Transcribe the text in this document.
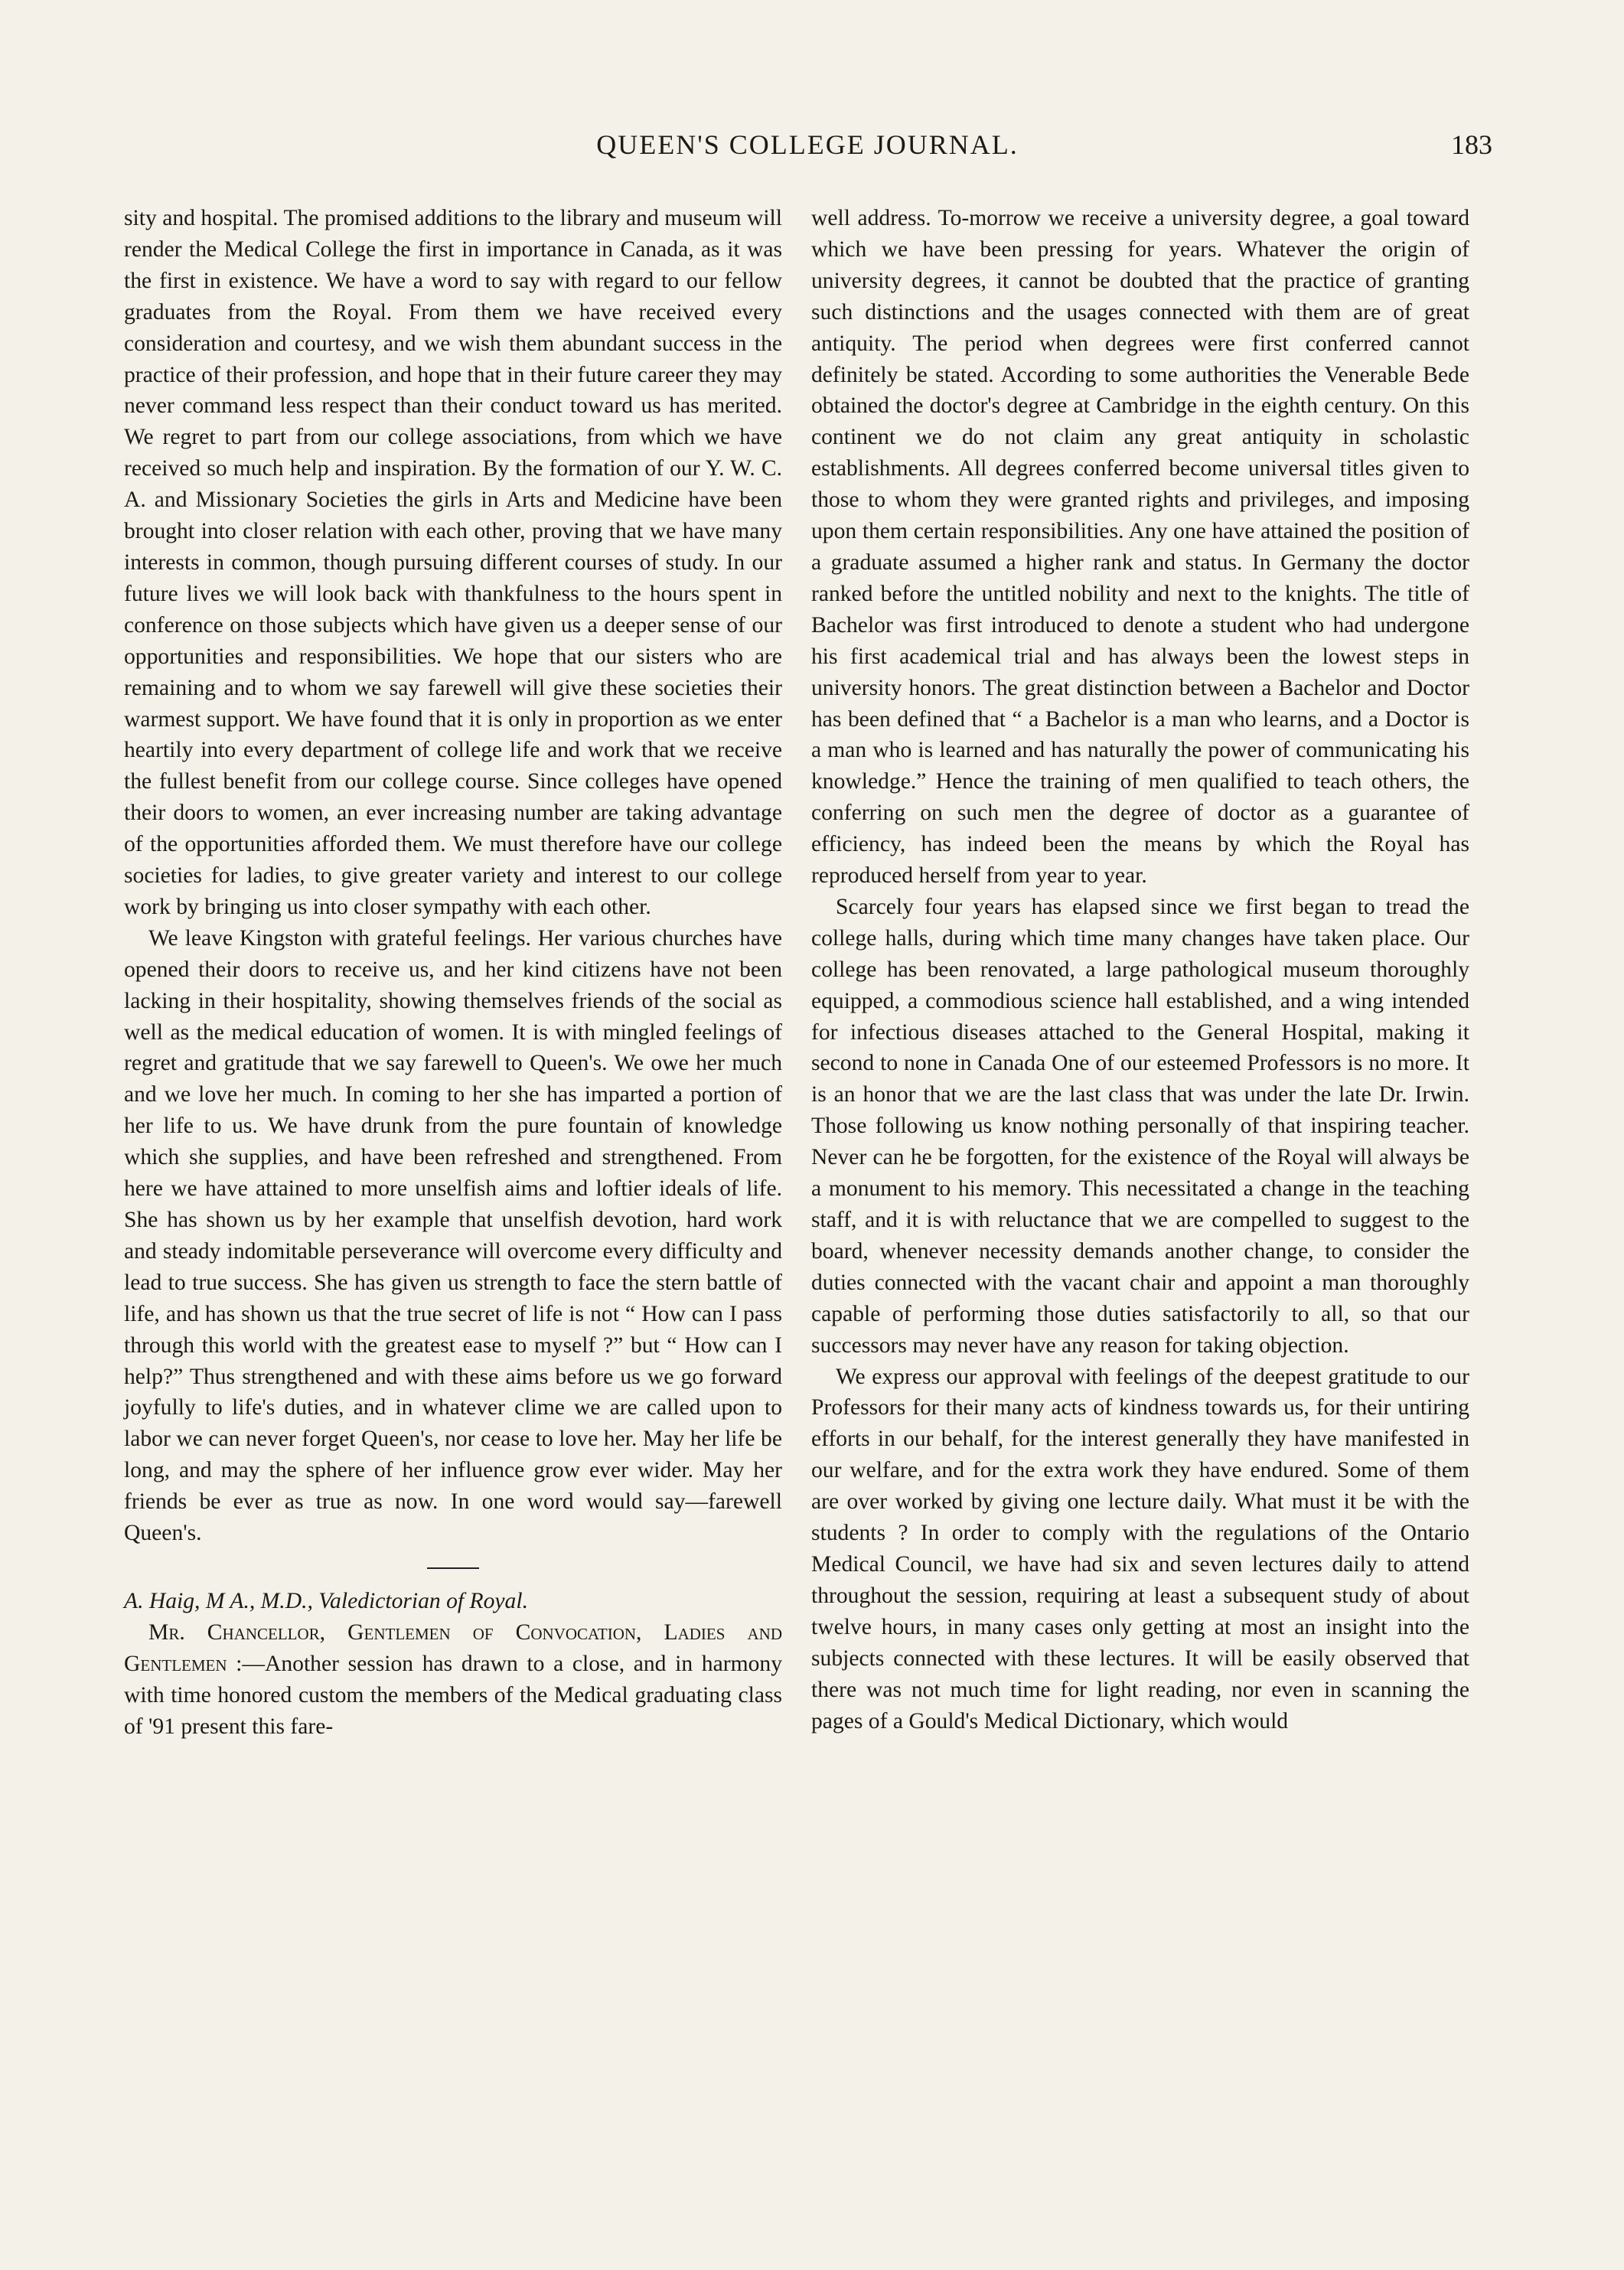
QUEEN'S COLLEGE JOURNAL.	183

sity and hospital. The promised additions to the library and museum will render the Medical College the first in importance in Canada, as it was the first in existence. We have a word to say with regard to our fellow graduates from the Royal. From them we have received every consideration and courtesy, and we wish them abundant success in the practice of their profession, and hope that in their future career they may never command less respect than their conduct toward us has merited. We regret to part from our college associations, from which we have received so much help and inspiration. By the formation of our Y. W. C. A. and Missionary Societies the girls in Arts and Medicine have been brought into closer relation with each other, proving that we have many interests in common, though pursuing different courses of study. In our future lives we will look back with thankfulness to the hours spent in conference on those subjects which have given us a deeper sense of our opportunities and responsibilities. We hope that our sisters who are remaining and to whom we say farewell will give these societies their warmest support. We have found that it is only in proportion as we enter heartily into every department of college life and work that we receive the fullest benefit from our college course. Since colleges have opened their doors to women, an ever increasing number are taking advantage of the opportunities afforded them. We must therefore have our college societies for ladies, to give greater variety and interest to our college work by bringing us into closer sympathy with each other.

We leave Kingston with grateful feelings. Her various churches have opened their doors to receive us, and her kind citizens have not been lacking in their hospitality, showing themselves friends of the social as well as the medical education of women. It is with mingled feelings of regret and gratitude that we say farewell to Queen's. We owe her much and we love her much. In coming to her she has imparted a portion of her life to us. We have drunk from the pure fountain of knowledge which she supplies, and have been refreshed and strengthened. From here we have attained to more unselfish aims and loftier ideals of life. She has shown us by her example that unselfish devotion, hard work and steady indomitable perseverance will overcome every difficulty and lead to true success. She has given us strength to face the stern battle of life, and has shown us that the true secret of life is not “ How can I pass through this world with the greatest ease to myself ?” but “ How can I help?” Thus strengthened and with these aims before us we go forward joyfully to life's duties, and in whatever clime we are called upon to labor we can never forget Queen's, nor cease to love her. May her life be long, and may the sphere of her influence grow ever wider. May her friends be ever as true as now. In one word would say—farewell Queen's.

A. Haig, M A., M.D., Valedictorian of Royal.

Mr. Chancellor, Gentlemen of Convocation, Ladies and Gentlemen :—Another session has drawn to a close, and in harmony with time honored custom the members of the Medical graduating class of '91 present this fare-

well address. To-morrow we receive a university degree, a goal toward which we have been pressing for years. Whatever the origin of university degrees, it cannot be doubted that the practice of granting such distinctions and the usages connected with them are of great antiquity. The period when degrees were first conferred cannot definitely be stated. According to some authorities the Venerable Bede obtained the doctor's degree at Cambridge in the eighth century. On this continent we do not claim any great antiquity in scholastic establishments. All degrees conferred become universal titles given to those to whom they were granted rights and privileges, and imposing upon them certain responsibilities. Any one have attained the position of a graduate assumed a higher rank and status. In Germany the doctor ranked before the untitled nobility and next to the knights. The title of Bachelor was first introduced to denote a student who had undergone his first academical trial and has always been the lowest steps in university honors. The great distinction between a Bachelor and Doctor has been defined that “ a Bachelor is a man who learns, and a Doctor is a man who is learned and has naturally the power of communicating his knowledge.” Hence the training of men qualified to teach others, the conferring on such men the degree of doctor as a guarantee of efficiency, has indeed been the means by which the Royal has reproduced herself from year to year.

Scarcely four years has elapsed since we first began to tread the college halls, during which time many changes have taken place. Our college has been renovated, a large pathological museum thoroughly equipped, a commodious science hall established, and a wing intended for infectious diseases attached to the General Hospital, making it second to none in Canada One of our esteemed Professors is no more. It is an honor that we are the last class that was under the late Dr. Irwin. Those following us know nothing personally of that inspiring teacher. Never can he be forgotten, for the existence of the Royal will always be a monument to his memory. This necessitated a change in the teaching staff, and it is with reluctance that we are compelled to suggest to the board, whenever necessity demands another change, to consider the duties connected with the vacant chair and appoint a man thoroughly capable of performing those duties satisfactorily to all, so that our successors may never have any reason for taking objection.

We express our approval with feelings of the deepest gratitude to our Professors for their many acts of kindness towards us, for their untiring efforts in our behalf, for the interest generally they have manifested in our welfare, and for the extra work they have endured. Some of them are over worked by giving one lecture daily. What must it be with the students ? In order to comply with the regulations of the Ontario Medical Council, we have had six and seven lectures daily to attend throughout the session, requiring at least a subsequent study of about twelve hours, in many cases only getting at most an insight into the subjects connected with these lectures. It will be easily observed that there was not much time for light reading, nor even in scanning the pages of a Gould's Medical Dictionary, which would
